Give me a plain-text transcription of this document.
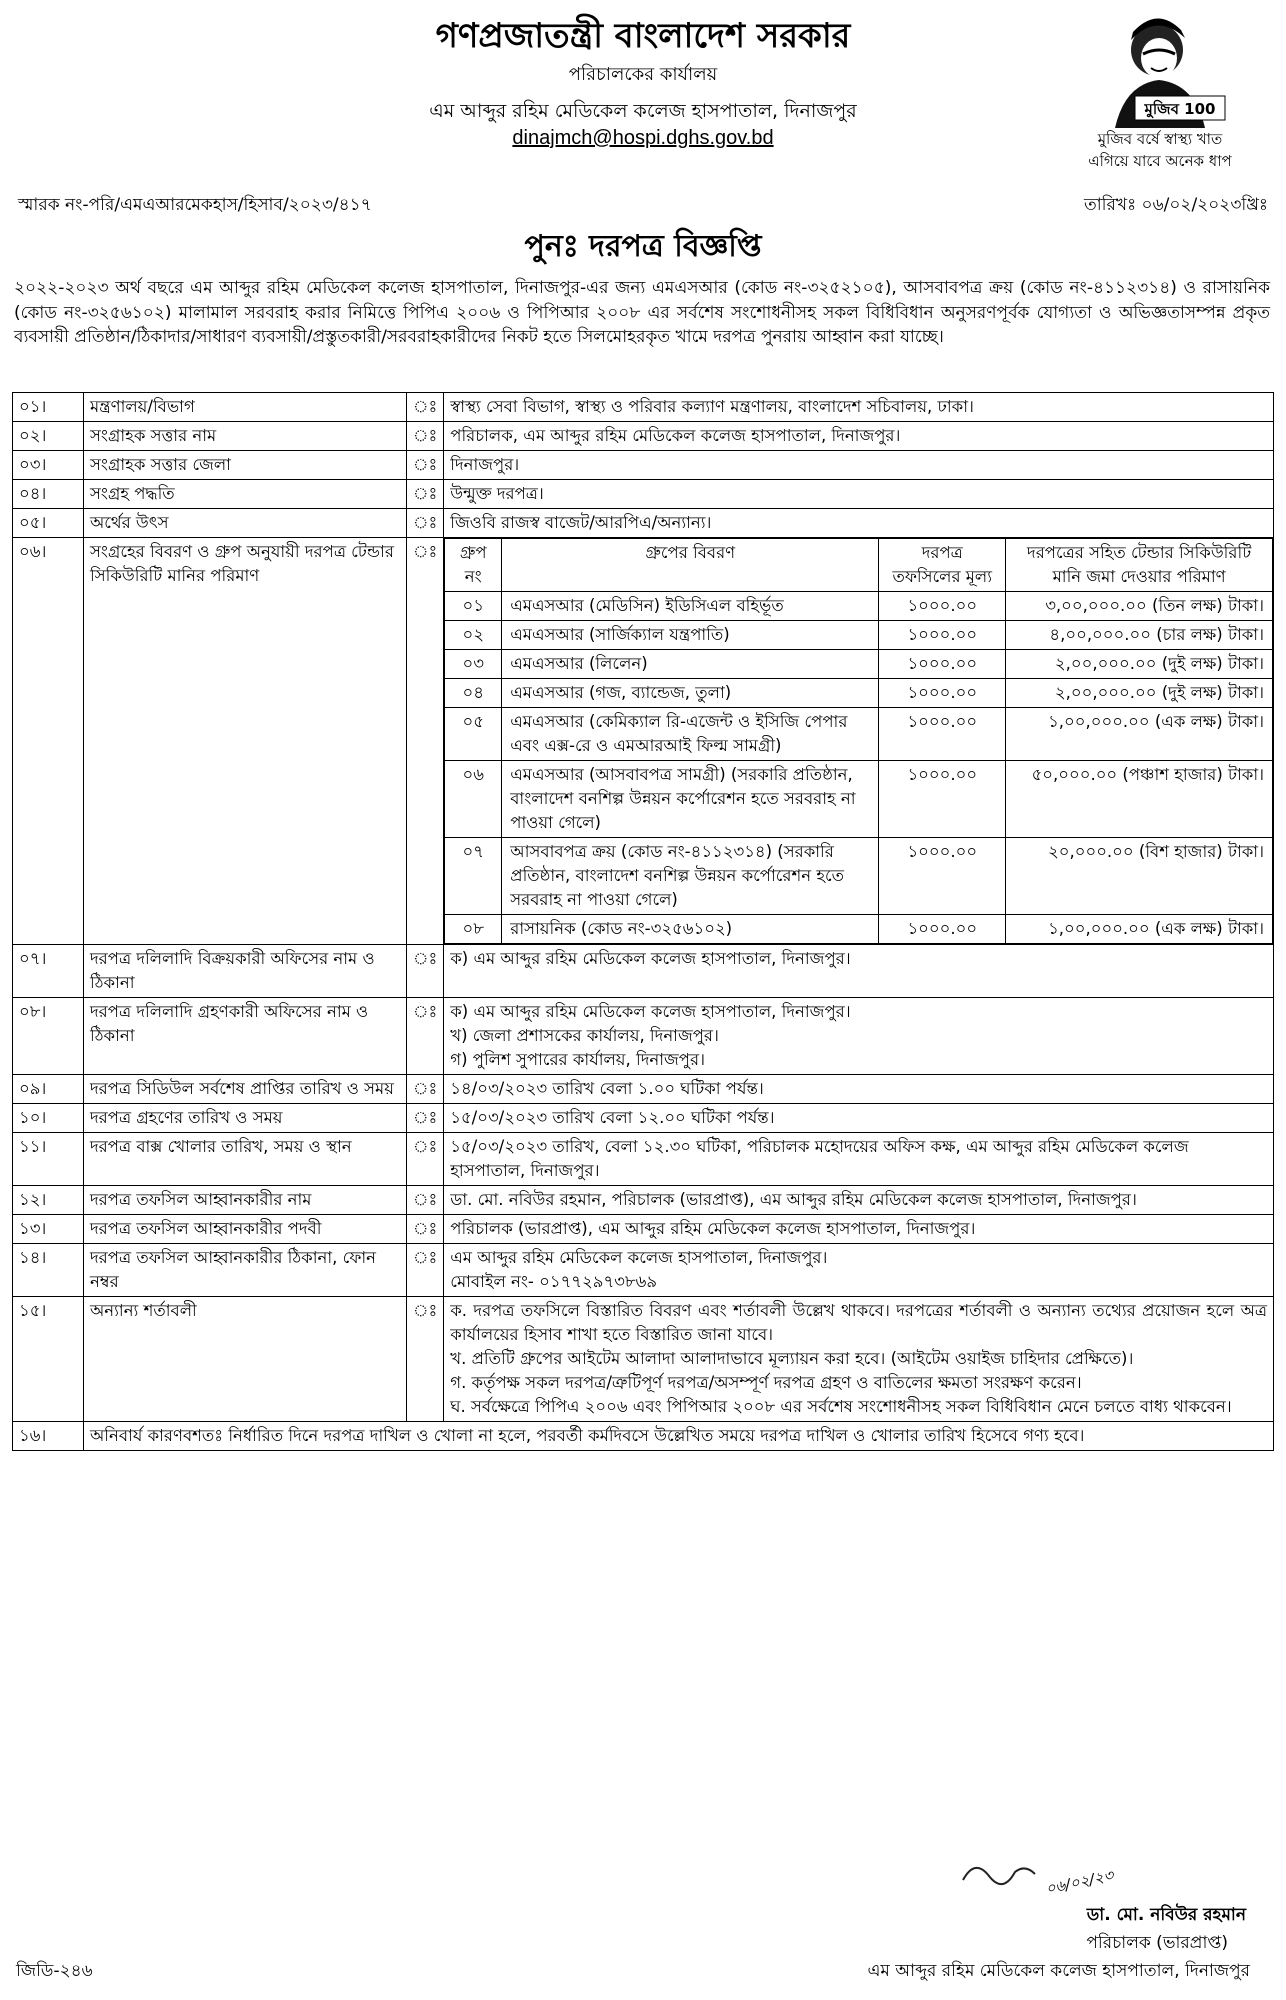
গণপ্রজাতন্ত্রী বাংলাদেশ সরকার
পরিচালকের কার্যালয়
এম আব্দুর রহিম মেডিকেল কলেজ হাসপাতাল, দিনাজপুর
dinajmch@hospi.dghs.gov.bd
মুজিব 100
মুজিব বর্ষে স্বাস্থ্য খাত
এগিয়ে যাবে অনেক ধাপ
স্মারক নং-পরি/এমএআরমেকহাস/হিসাব/২০২৩/৪১৭	তারিখঃ ০৬/০২/২০২৩খ্রিঃ
পুনঃ দরপত্র বিজ্ঞপ্তি
২০২২-২০২৩ অর্থ বছরে এম আব্দুর রহিম মেডিকেল কলেজ হাসপাতাল, দিনাজপুর-এর জন্য এমএসআর (কোড নং-৩২৫২১০৫), আসবাবপত্র ক্রয় (কোড নং-৪১১২৩১৪) ও রাসায়নিক (কোড নং-৩২৫৬১০২) মালামাল সরবরাহ করার নিমিত্তে পিপিএ ২০০৬ ও পিপিআর ২০০৮ এর সর্বশেষ সংশোধনীসহ সকল বিধিবিধান অনুসরণপূর্বক যোগ্যতা ও অভিজ্ঞতাসম্পন্ন প্রকৃত ব্যবসায়ী প্রতিষ্ঠান/ঠিকাদার/সাধারণ ব্যবসায়ী/প্রস্তুতকারী/সরবরাহকারীদের নিকট হতে সিলমোহরকৃত খামে দরপত্র পুনরায় আহ্বান করা যাচ্ছে।
০১।	মন্ত্রণালয়/বিভাগ	ঃ	স্বাস্থ্য সেবা বিভাগ, স্বাস্থ্য ও পরিবার কল্যাণ মন্ত্রণালয়, বাংলাদেশ সচিবালয়, ঢাকা।
০২।	সংগ্রাহক সত্তার নাম	ঃ	পরিচালক, এম আব্দুর রহিম মেডিকেল কলেজ হাসপাতাল, দিনাজপুর।
০৩।	সংগ্রাহক সত্তার জেলা	ঃ	দিনাজপুর।
০৪।	সংগ্রহ পদ্ধতি	ঃ	উন্মুক্ত দরপত্র।
০৫।	অর্থের উৎস	ঃ	জিওবি রাজস্ব বাজেট/আরপিএ/অন্যান্য।
০৬।	সংগ্রহের বিবরণ ও গ্রুপ অনুযায়ী দরপত্র টেন্ডার সিকিউরিটি মানির পরিমাণ	ঃ	গ্রুপ নং	গ্রুপের বিবরণ	দরপত্র তফসিলের মূল্য	দরপত্রের সহিত টেন্ডার সিকিউরিটি মানি জমা দেওয়ার পরিমাণ
০১	এমএসআর (মেডিসিন) ইডিসিএল বহির্ভূত	১০০০.০০	৩,০০,০০০.০০ (তিন লক্ষ) টাকা।
০২	এমএসআর (সার্জিক্যাল যন্ত্রপাতি)	১০০০.০০	৪,০০,০০০.০০ (চার লক্ষ) টাকা।
০৩	এমএসআর (লিলেন)	১০০০.০০	২,০০,০০০.০০ (দুই লক্ষ) টাকা।
০৪	এমএসআর (গজ, ব্যান্ডেজ, তুলা)	১০০০.০০	২,০০,০০০.০০ (দুই লক্ষ) টাকা।
০৫	এমএসআর (কেমিক্যাল রি-এজেন্ট ও ইসিজি পেপার এবং এক্স-রে ও এমআরআই ফিল্ম সামগ্রী)	১০০০.০০	১,০০,০০০.০০ (এক লক্ষ) টাকা।
০৬	এমএসআর (আসবাবপত্র সামগ্রী) (সরকারি প্রতিষ্ঠান, বাংলাদেশ বনশিল্প উন্নয়ন কর্পোরেশন হতে সরবরাহ না পাওয়া গেলে)	১০০০.০০	৫০,০০০.০০ (পঞ্চাশ হাজার) টাকা।
০৭	আসবাবপত্র ক্রয় (কোড নং-৪১১২৩১৪) (সরকারি প্রতিষ্ঠান, বাংলাদেশ বনশিল্প উন্নয়ন কর্পোরেশন হতে সরবরাহ না পাওয়া গেলে)	১০০০.০০	২০,০০০.০০ (বিশ হাজার) টাকা।
০৮	রাসায়নিক (কোড নং-৩২৫৬১০২)	১০০০.০০	১,০০,০০০.০০ (এক লক্ষ) টাকা।

০৭।	দরপত্র দলিলাদি বিক্রয়কারী অফিসের নাম ও ঠিকানা	ঃ	ক) এম আব্দুর রহিম মেডিকেল কলেজ হাসপাতাল, দিনাজপুর।
০৮।	দরপত্র দলিলাদি গ্রহণকারী অফিসের নাম ও ঠিকানা	ঃ	ক) এম আব্দুর রহিম মেডিকেল কলেজ হাসপাতাল, দিনাজপুর।
খ) জেলা প্রশাসকের কার্যালয়, দিনাজপুর।
গ) পুলিশ সুপারের কার্যালয়, দিনাজপুর।

০৯।	দরপত্র সিডিউল সর্বশেষ প্রাপ্তির তারিখ ও সময়	ঃ	১৪/০৩/২০২৩ তারিখ বেলা ১.০০ ঘটিকা পর্যন্ত।
১০।	দরপত্র গ্রহণের তারিখ ও সময়	ঃ	১৫/০৩/২০২৩ তারিখ বেলা ১২.০০ ঘটিকা পর্যন্ত।
১১।	দরপত্র বাক্স খোলার তারিখ, সময় ও স্থান	ঃ	১৫/০৩/২০২৩ তারিখ, বেলা ১২.৩০ ঘটিকা, পরিচালক মহোদয়ের অফিস কক্ষ, এম আব্দুর রহিম মেডিকেল কলেজ হাসপাতাল, দিনাজপুর।
১২।	দরপত্র তফসিল আহ্বানকারীর নাম	ঃ	ডা. মো. নবিউর রহমান, পরিচালক (ভারপ্রাপ্ত), এম আব্দুর রহিম মেডিকেল কলেজ হাসপাতাল, দিনাজপুর।
১৩।	দরপত্র তফসিল আহ্বানকারীর পদবী	ঃ	পরিচালক (ভারপ্রাপ্ত), এম আব্দুর রহিম মেডিকেল কলেজ হাসপাতাল, দিনাজপুর।
১৪।	দরপত্র তফসিল আহ্বানকারীর ঠিকানা, ফোন নম্বর	ঃ	এম আব্দুর রহিম মেডিকেল কলেজ হাসপাতাল, দিনাজপুর।
মোবাইল নং- ০১৭৭২৯৭৩৮৬৯

১৫।	অন্যান্য শর্তাবলী	ঃ	ক. দরপত্র তফসিলে বিস্তারিত বিবরণ এবং শর্তাবলী উল্লেখ থাকবে। দরপত্রের শর্তাবলী ও অন্যান্য তথ্যের প্রয়োজন হলে অত্র কার্যালয়ের হিসাব শাখা হতে বিস্তারিত জানা যাবে।
খ. প্রতিটি গ্রুপের আইটেম আলাদা আলাদাভাবে মূল্যায়ন করা হবে। (আইটেম ওয়াইজ চাহিদার প্রেক্ষিতে)।
গ. কর্তৃপক্ষ সকল দরপত্র/ত্রুটিপূর্ণ দরপত্র/অসম্পূর্ণ দরপত্র গ্রহণ ও বাতিলের ক্ষমতা সংরক্ষণ করেন।
ঘ. সর্বক্ষেত্রে পিপিএ ২০০৬ এবং পিপিআর ২০০৮ এর সর্বশেষ সংশোধনীসহ সকল বিধিবিধান মেনে চলতে বাধ্য থাকবেন।

১৬।	অনিবার্য কারণবশতঃ নির্ধারিত দিনে দরপত্র দাখিল ও খোলা না হলে, পরবর্তী কর্মদিবসে উল্লেখিত সময়ে দরপত্র দাখিল ও খোলার তারিখ হিসেবে গণ্য হবে।
০৬/০২/২৩
ডা. মো. নবিউর রহমান
পরিচালক (ভারপ্রাপ্ত)
এম আব্দুর রহিম মেডিকেল কলেজ হাসপাতাল, দিনাজপুর
জিডি-২৪৬
